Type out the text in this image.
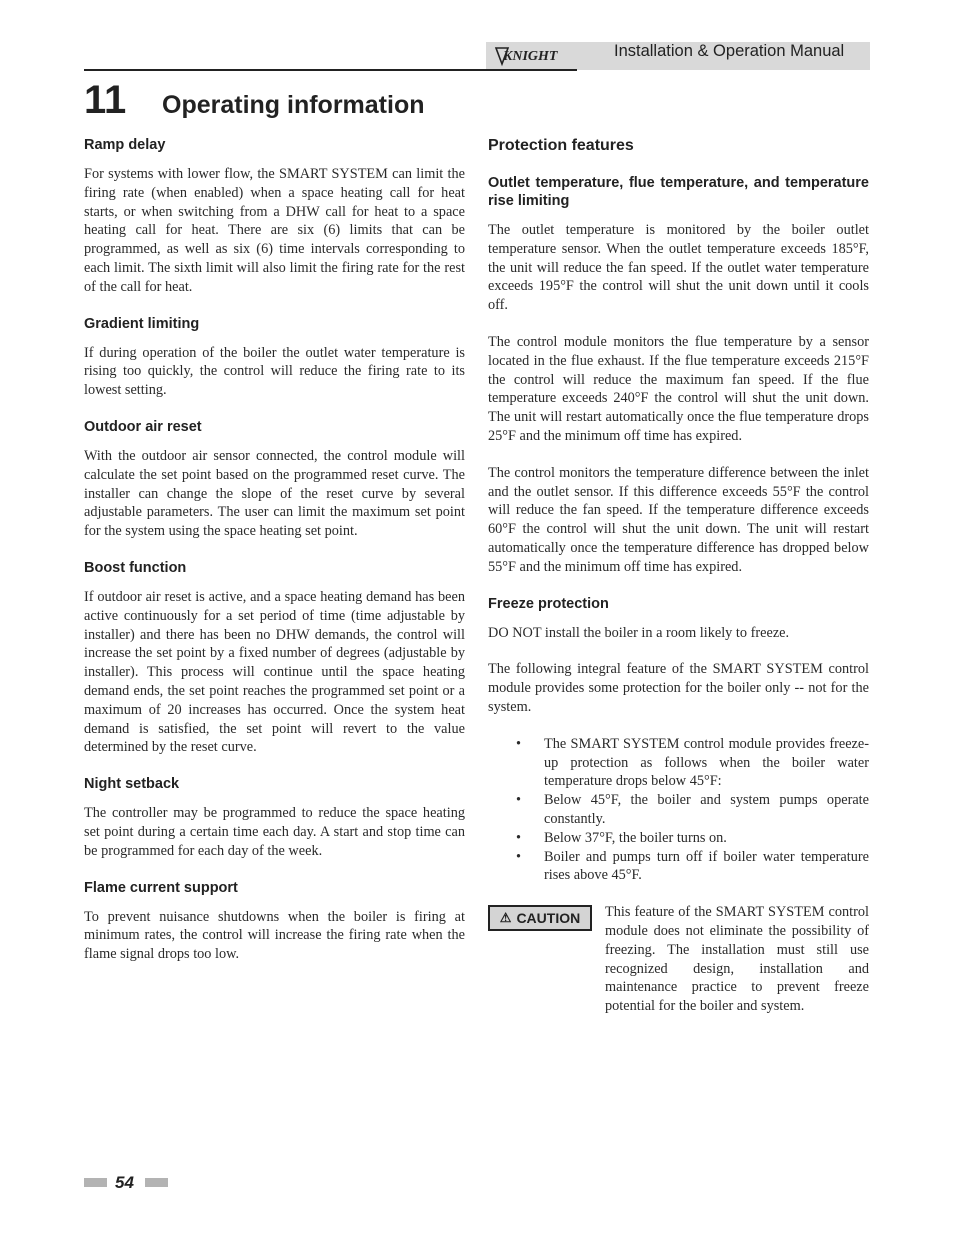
KNIGHT	Installation & Operation Manual
11 Operating information
Ramp delay

For systems with lower flow, the SMART SYSTEM can limit the firing rate (when enabled) when a space heating call for heat starts, or when switching from a DHW call for heat to a space heating call for heat. There are six (6) limits that can be programmed, as well as six (6) time intervals corresponding to each limit. The sixth limit will also limit the firing rate for the rest of the call for heat.

Gradient limiting

If during operation of the boiler the outlet water temperature is rising too quickly, the control will reduce the firing rate to its lowest setting.

Outdoor air reset

With the outdoor air sensor connected, the control module will calculate the set point based on the programmed reset curve. The installer can change the slope of the reset curve by several adjustable parameters. The user can limit the maximum set point for the system using the space heating set point.

Boost function

If outdoor air reset is active, and a space heating demand has been active continuously for a set period of time (time adjustable by installer) and there has been no DHW demands, the control will increase the set point by a fixed number of degrees (adjustable by installer). This process will continue until the space heating demand ends, the set point reaches the programmed set point or a maximum of 20 increases has occurred. Once the system heat demand is satisfied, the set point will revert to the value determined by the reset curve.

Night setback

The controller may be programmed to reduce the space heating set point during a certain time each day. A start and stop time can be programmed for each day of the week.

Flame current support

To prevent nuisance shutdowns when the boiler is firing at minimum rates, the control will increase the firing rate when the flame signal drops too low.

Protection features
Outlet temperature, flue temperature, and temperature rise limiting

The outlet temperature is monitored by the boiler outlet temperature sensor. When the outlet temperature exceeds 185°F, the unit will reduce the fan speed. If the outlet water temperature exceeds 195°F the control will shut the unit down until it cools off.

The control module monitors the flue temperature by a sensor located in the flue exhaust. If the flue temperature exceeds 215°F the control will reduce the maximum fan speed. If the flue temperature exceeds 240°F the control will shut the unit down. The unit will restart automatically once the flue temperature drops 25°F and the minimum off time has expired.

The control monitors the temperature difference between the inlet and the outlet sensor. If this difference exceeds 55°F the control will reduce the fan speed. If the temperature difference exceeds 60°F the control will shut the unit down. The unit will restart automatically once the temperature difference has dropped below 55°F and the minimum off time has expired.

Freeze protection

DO NOT install the boiler in a room likely to freeze.

The following integral feature of the SMART SYSTEM control module provides some protection for the boiler only -- not for the system.

• The SMART SYSTEM control module provides freeze-up protection as follows when the boiler water temperature drops below 45°F:
• Below 45°F, the boiler and system pumps operate constantly.
• Below 37°F, the boiler turns on.
• Boiler and pumps turn off if boiler water temperature rises above 45°F.
⚠ CAUTION This feature of the SMART SYSTEM control module does not eliminate the possibility of freezing. The installation must still use recognized design, installation and maintenance practice to prevent freeze potential for the boiler and system.

54
